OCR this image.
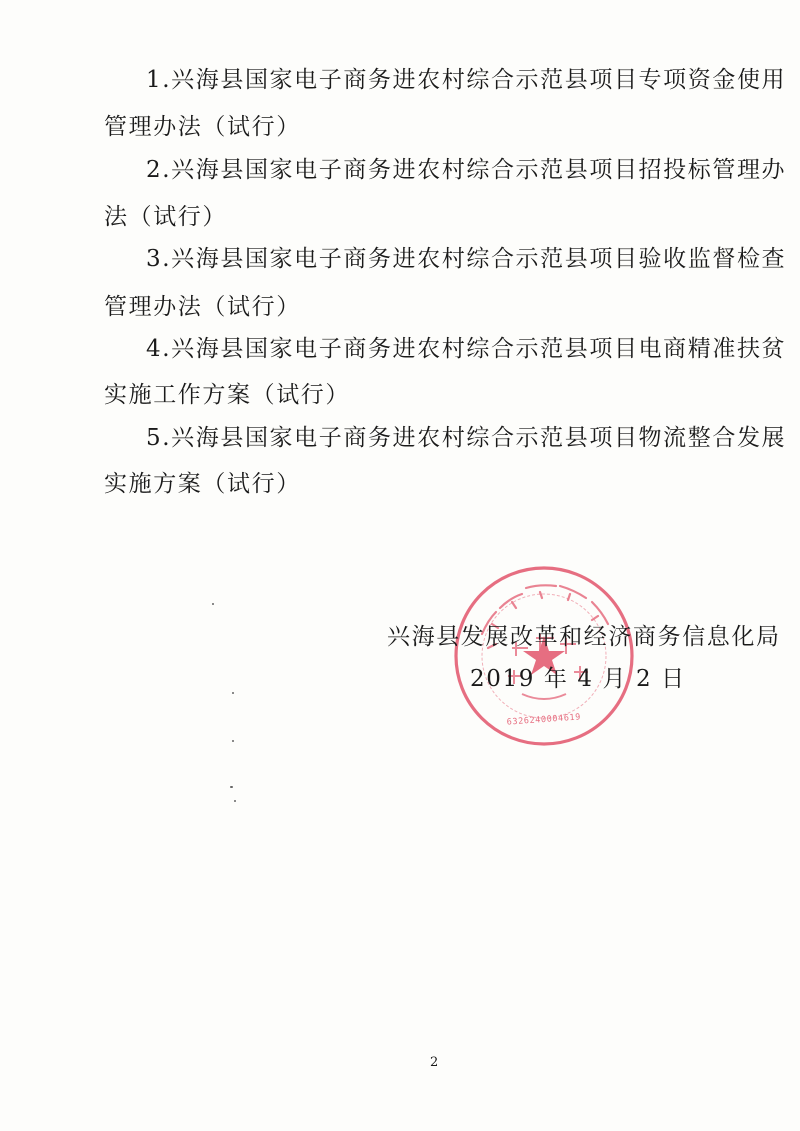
1.兴海县国家电子商务进农村综合示范县项目专项资金使用
管理办法（试行）
2.兴海县国家电子商务进农村综合示范县项目招投标管理办
法（试行）
3.兴海县国家电子商务进农村综合示范县项目验收监督检查
管理办法（试行）
4.兴海县国家电子商务进农村综合示范县项目电商精准扶贫
实施工作方案（试行）
5.兴海县国家电子商务进农村综合示范县项目物流整合发展
实施方案（试行）
6326240004619
兴海县发展改革和经济商务信息化局
2019 年 4 月 2 日
2
